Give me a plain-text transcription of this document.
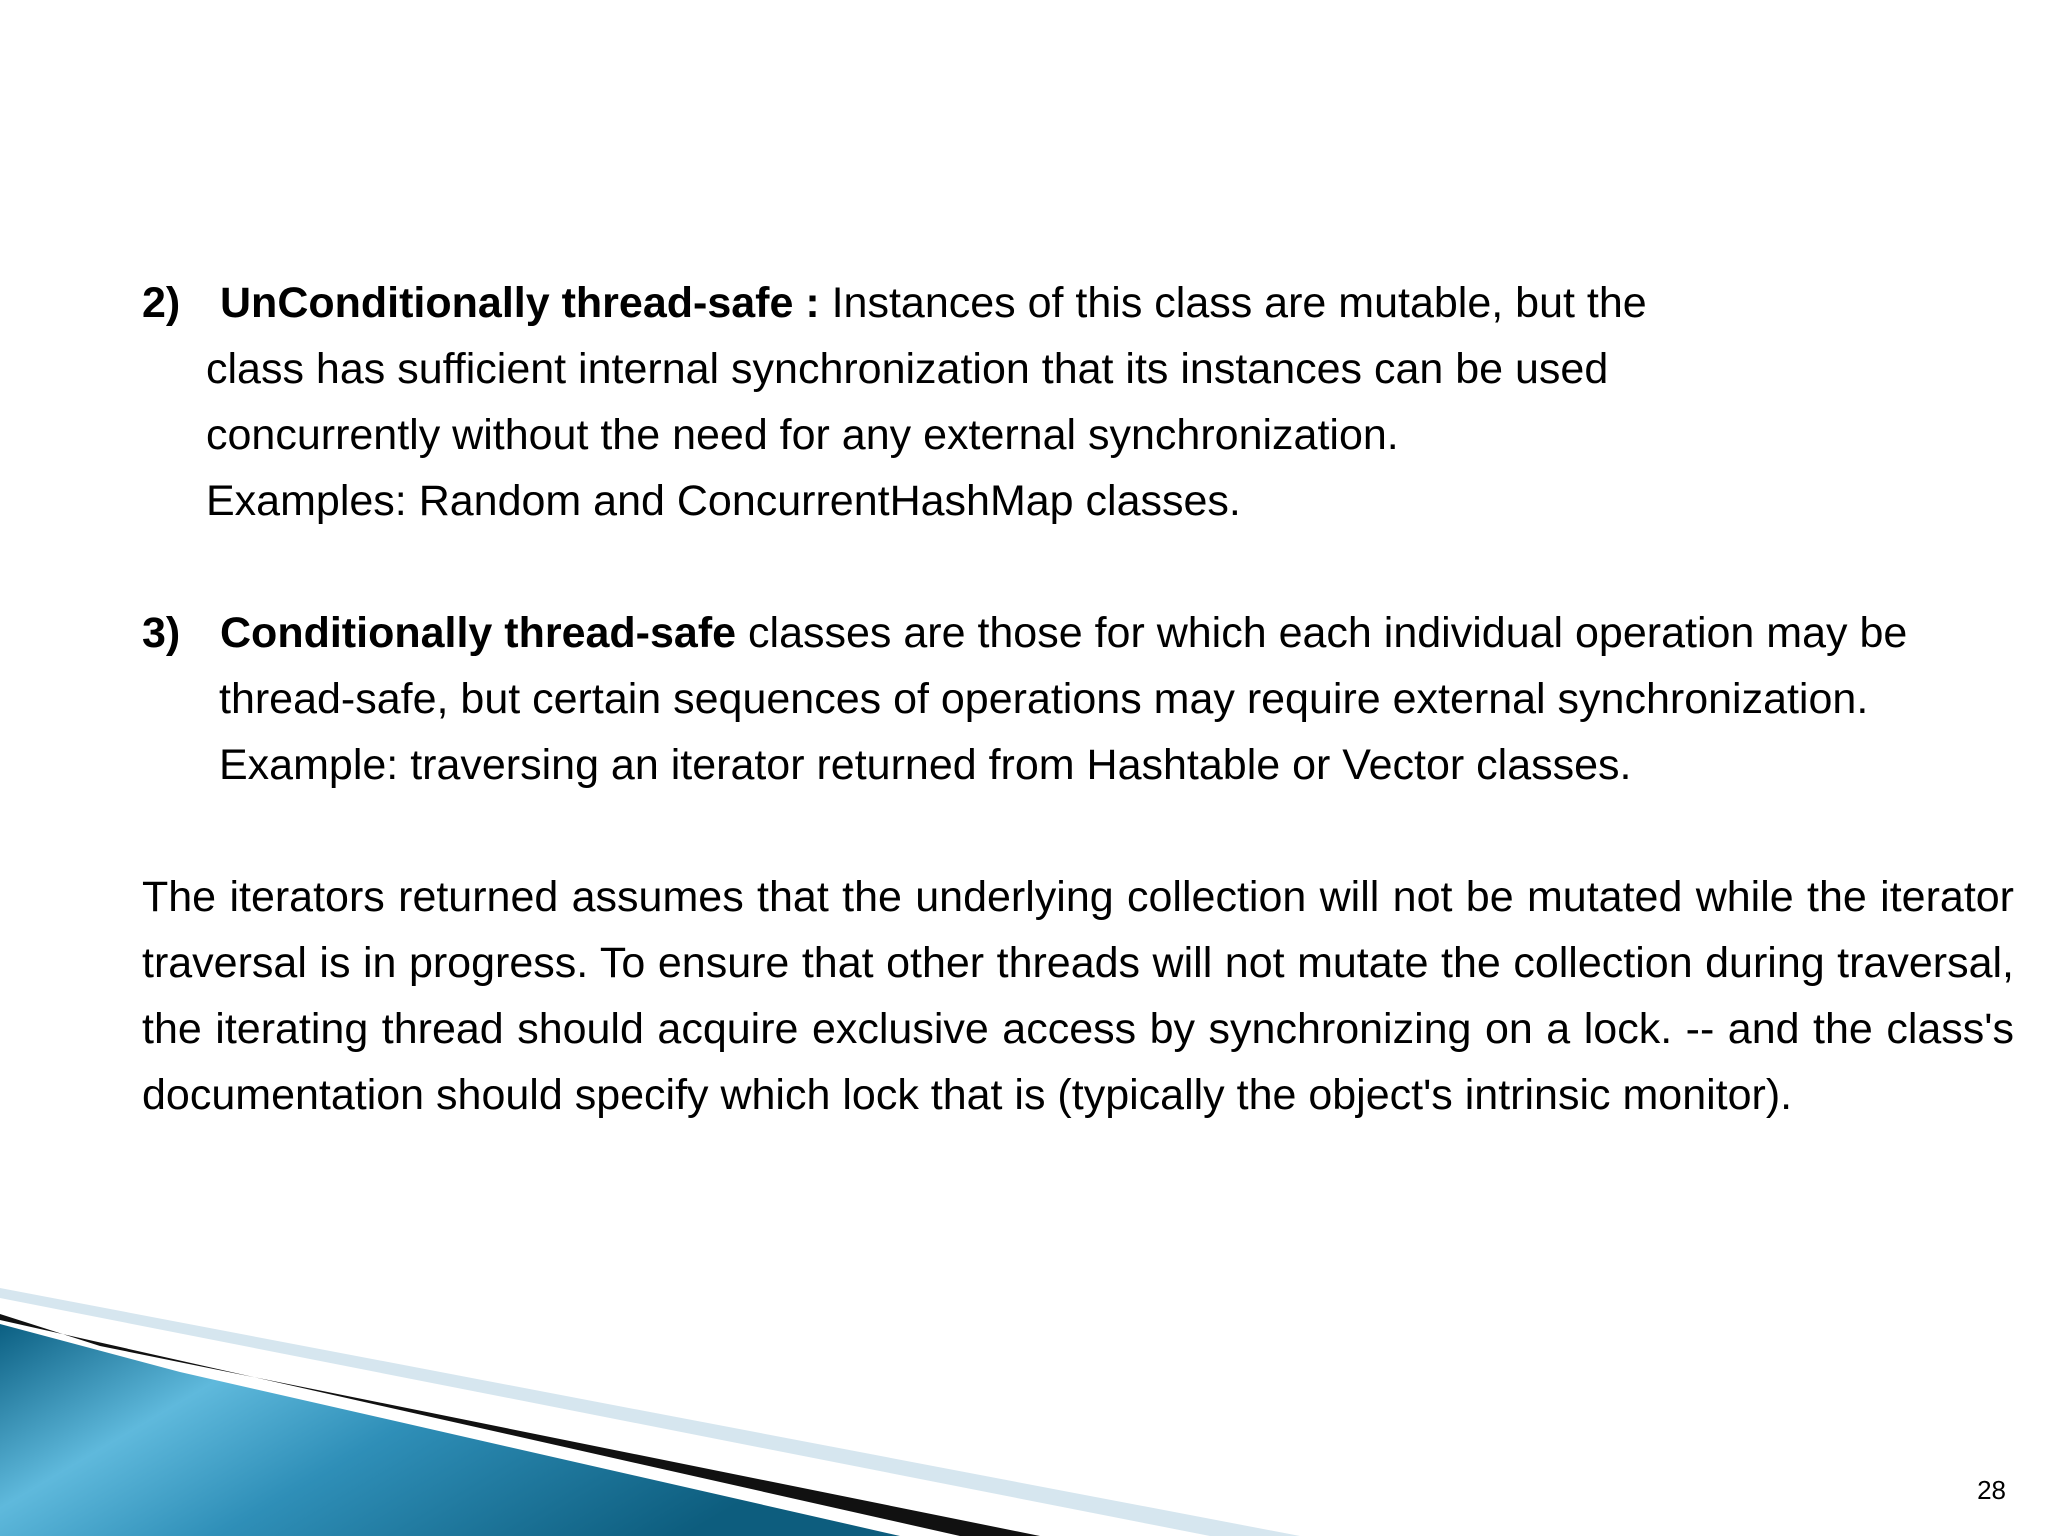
2) UnConditionally thread-safe : Instances of this class are mutable, but the
class has sufficient internal synchronization that its instances can be used
concurrently without the need for any external synchronization.
Examples: Random and ConcurrentHashMap classes.
3) Conditionally thread-safe classes are those for which each individual operation may be
thread-safe, but certain sequences of operations may require external synchronization.
Example: traversing an iterator returned from Hashtable or Vector classes.
The iterators returned assumes that the underlying collection will not be mutated while the iterator traversal is in progress. To ensure that other threads will not mutate the collection during traversal, the iterating thread should acquire exclusive access by synchronizing on a lock. -- and the class's documentation should specify which lock that is (typically the object's intrinsic monitor).
28
